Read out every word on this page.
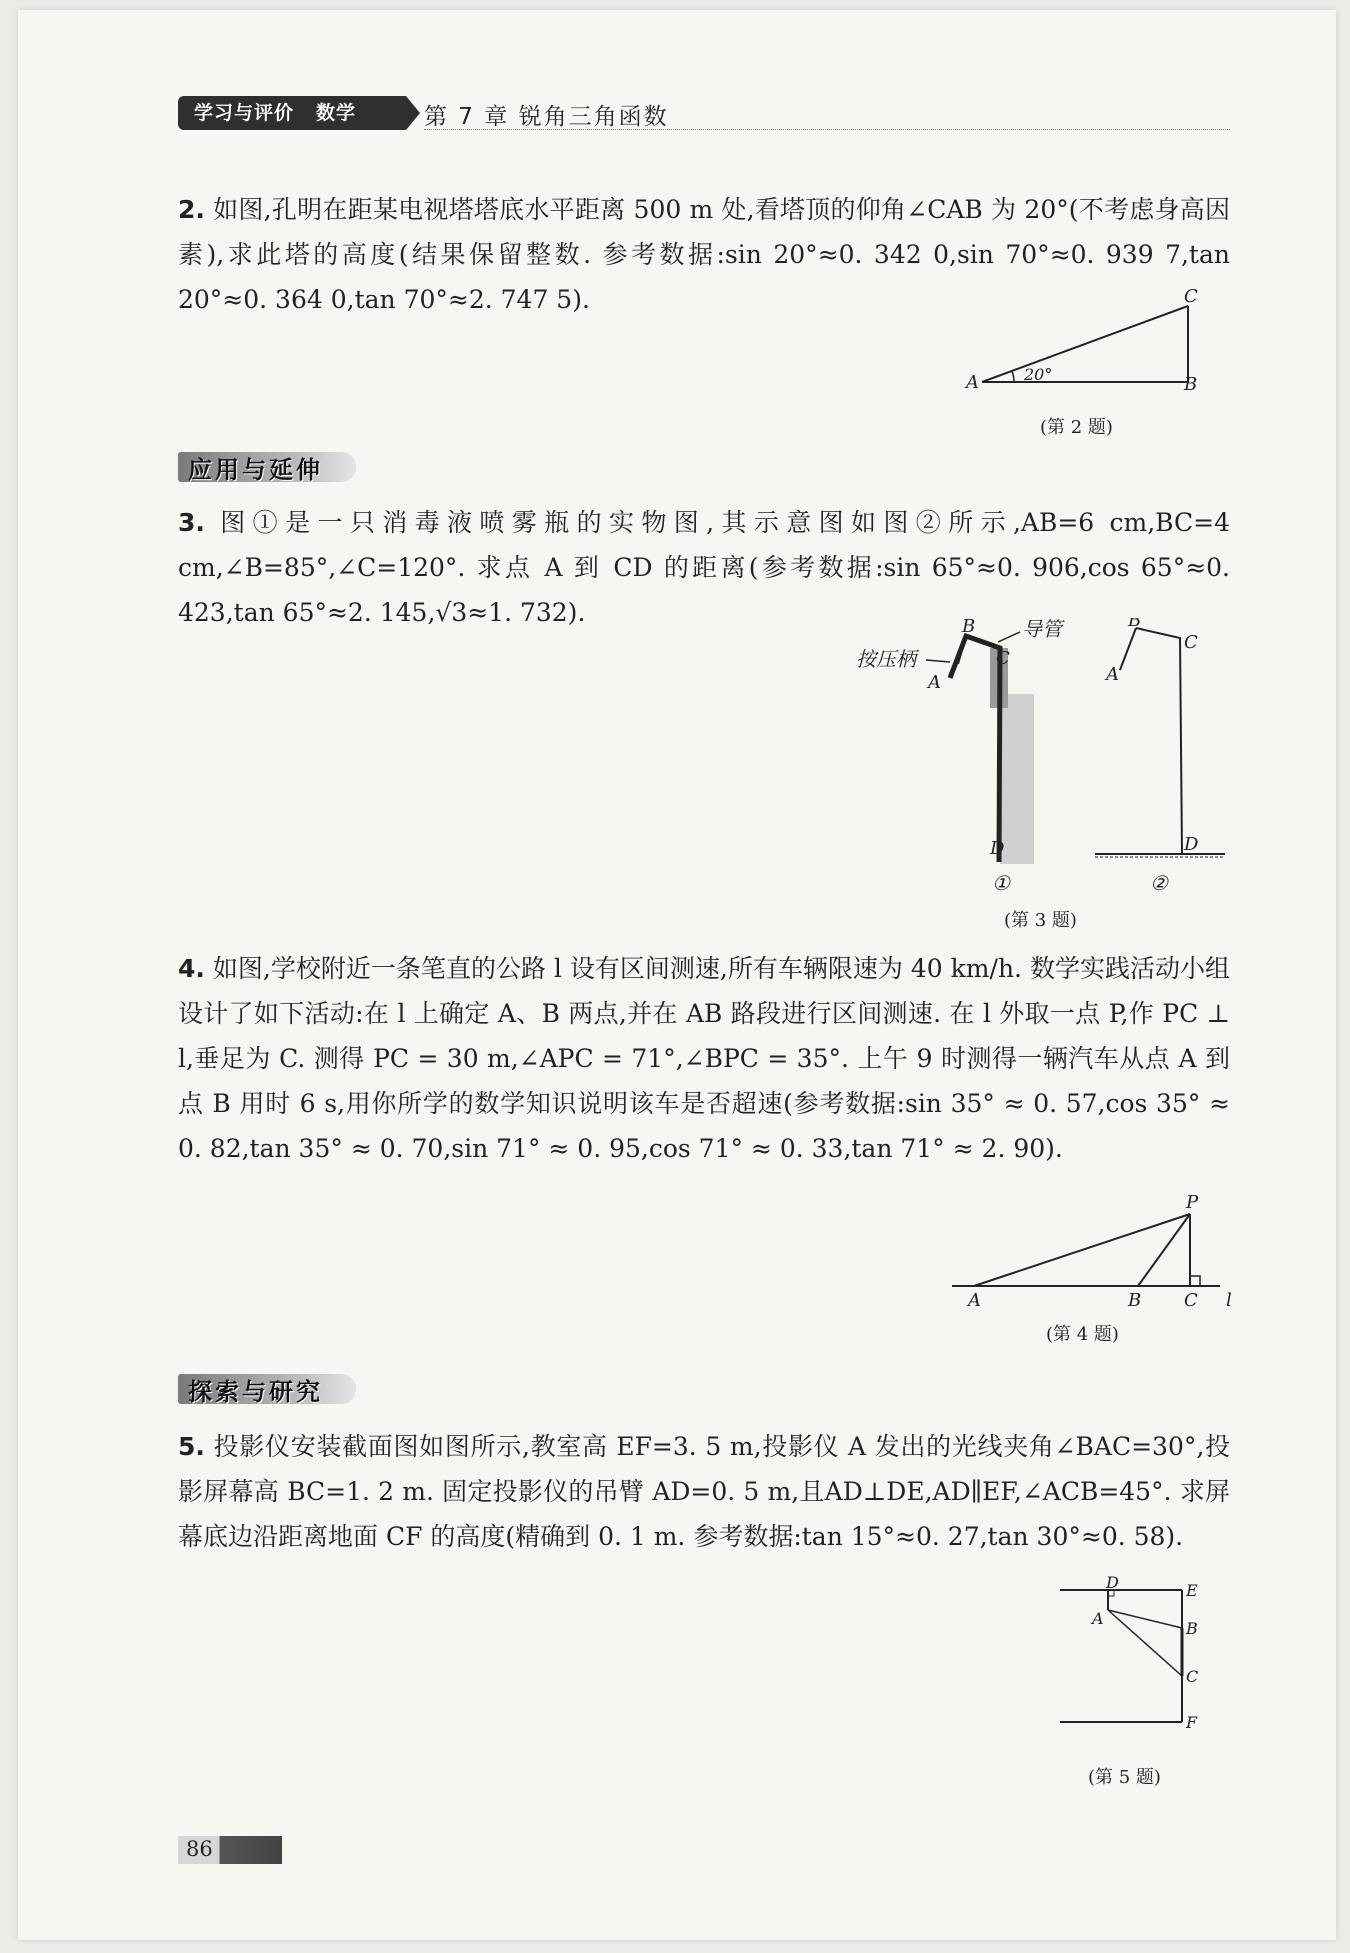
学习与评价 数学	第 7 章 锐角三角函数
2. 如图,孔明在距某电视塔塔底水平距离 500 m 处,看塔顶的仰角∠CAB 为 20°(不考虑身高因素),求此塔的高度(结果保留整数. 参考数据:sin 20°≈0. 342 0,sin 70°≈0. 939 7,tan 20°≈0. 364 0,tan 70°≈2. 747 5).
A	B
C
20°
(第 2 题)
应用与延伸
3. 图①是一只消毒液喷雾瓶的实物图,其示意图如图②所示,AB=6 cm,BC=4 cm,∠B=85°,∠C=120°. 求点 A 到 CD 的距离(参考数据:sin 65°≈0. 906,cos 65°≈0. 423,tan 65°≈2. 145,√3≈1. 732).	B
C
A
D
导管
按压柄
①
B
C
A
D
②
(第 3 题)
4. 如图,学校附近一条笔直的公路 l 设有区间测速,所有车辆限速为 40 km/h. 数学实践活动小组设计了如下活动:在 l 上确定 A、B 两点,并在 AB 路段进行区间测速. 在 l 外取一点 P,作 PC ⊥ l,垂足为 C. 测得 PC = 30 m,∠APC = 71°,∠BPC = 35°. 上午 9 时测得一辆汽车从点 A 到点 B 用时 6 s,用你所学的数学知识说明该车是否超速(参考数据:sin 35° ≈ 0. 57,cos 35° ≈ 0. 82,tan 35° ≈ 0. 70,sin 71° ≈ 0. 95,cos 71° ≈ 0. 33,tan 71° ≈ 2. 90).
A	B C
P
l
(第 4 题)
探索与研究
5. 投影仪安装截面图如图所示,教室高 EF=3. 5 m,投影仪 A 发出的光线夹角∠BAC=30°,投影屏幕高 BC=1. 2 m. 固定投影仪的吊臂 AD=0. 5 m,且AD⊥DE,AD∥EF,∠ACB=45°. 求屏幕底边沿距离地面 CF 的高度(精确到 0. 1 m. 参考数据:tan 15°≈0. 27,tan 30°≈0. 58).
D	E
A
B
C
F
(第 5 题)
86
